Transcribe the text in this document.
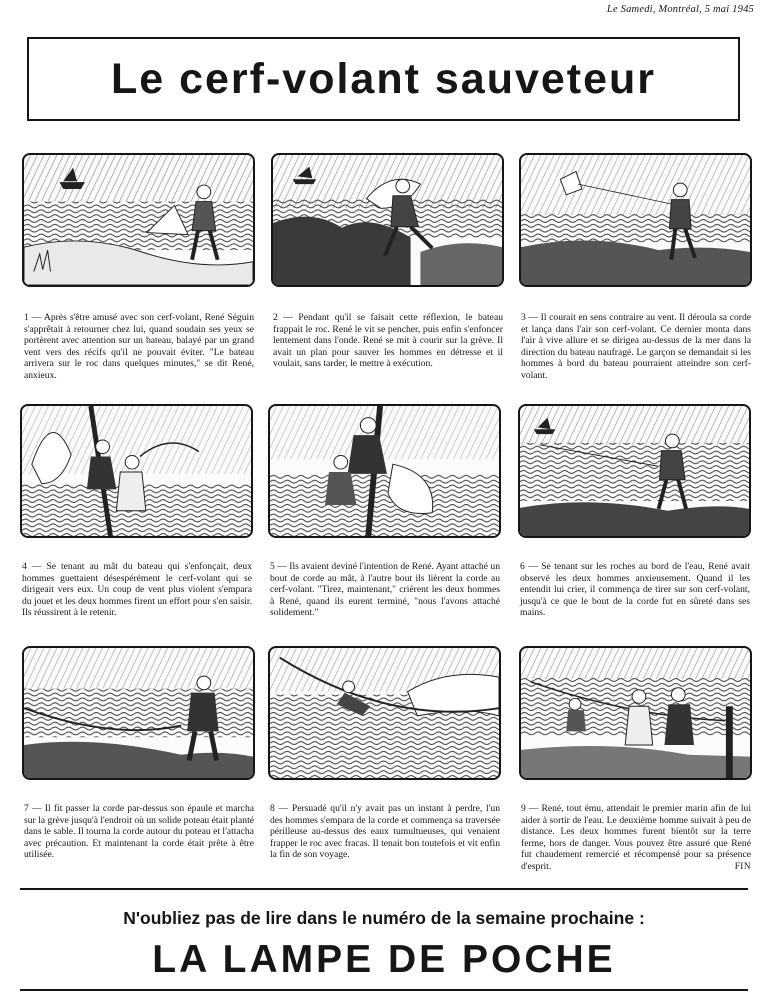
Le Samedi, Montréal, 5 mai 1945
Le cerf-volant sauveteur
1 — Après s'être amusé avec son cerf-volant, René Séguin s'apprêtait à retourner chez lui, quand soudain ses yeux se portèrent avec attention sur un bateau, balayé par un grand vent vers des récifs qu'il ne pouvait éviter. "Le bateau arrivera sur le roc dans quelques minutes," se dit René, anxieux.
2 — Pendant qu'il se faisait cette réflexion, le bateau frappait le roc. René le vit se pencher, puis enfin s'enfoncer lentement dans l'onde. René se mit à courir sur la grève. Il avait un plan pour sauver les hommes en détresse et il voulait, sans tarder, le mettre à exécution.
3 — Il courait en sens contraire au vent. Il déroula sa corde et lança dans l'air son cerf-volant. Ce dernier monta dans l'air à vive allure et se dirigea au-dessus de la mer dans la direction du bateau naufragé. Le garçon se demandait si les hommes à bord du bateau pourraient atteindre son cerf-volant.
4 — Se tenant au mât du bateau qui s'enfonçait, deux hommes guettaient désespérément le cerf-volant qui se dirigeait vers eux. Un coup de vent plus violent s'empara du jouet et les deux hommes firent un effort pour s'en saisir. Ils réussirent à le retenir.
5 — Ils avaient deviné l'intention de René. Ayant attaché un bout de corde au mât, à l'autre bout ils lièrent la corde au cerf-volant. "Tirez, maintenant," crièrent les deux hommes à René, quand ils eurent terminé, "nous l'avons attaché solidement."
6 — Se tenant sur les roches au bord de l'eau, René avait observé les deux hommes anxieusement. Quand il les entendit lui crier, il commença de tirer sur son cerf-volant, jusqu'à ce que le bout de la corde fut en sûreté dans ses mains.
7 — Il fit passer la corde par-dessus son épaule et marcha sur la grève jusqu'à l'endroit où un solide poteau était planté dans le sable. Il tourna la corde autour du poteau et l'attacha avec précaution. Et maintenant la corde était prête à être utilisée.
8 — Persuadé qu'il n'y avait pas un instant à perdre, l'un des hommes s'empara de la corde et commença sa traversée périlleuse au-dessus des eaux tumultueuses, qui venaient frapper le roc avec fracas. Il tenait bon toutefois et vit enfin la fin de son voyage.
9 — René, tout ému, attendait le premier marin afin de lui aider à sortir de l'eau. Le deuxième homme suivait à peu de distance. Les deux hommes furent bientôt sur la terre ferme, hors de danger. Vous pouvez être assuré que René fut chaudement remercié et récompensé pour sa présence d'esprit.	FIN
N'oubliez pas de lire dans le numéro de la semaine prochaine :
LA LAMPE DE POCHE
